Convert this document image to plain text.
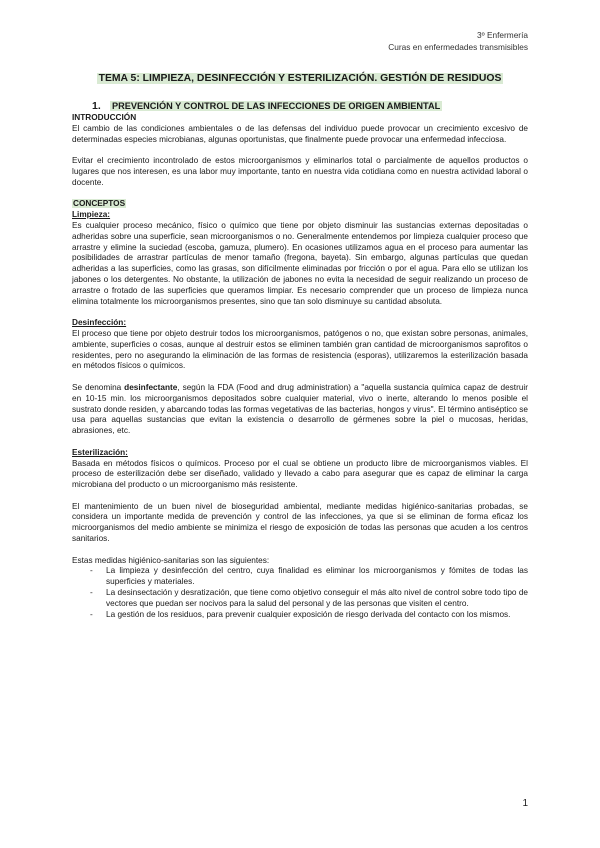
3º Enfermería
Curas en enfermedades transmisibles
TEMA 5: LIMPIEZA, DESINFECCIÓN Y ESTERILIZACIÓN. GESTIÓN DE RESIDUOS
1. PREVENCIÓN Y CONTROL DE LAS INFECCIONES DE ORIGEN AMBIENTAL

INTRODUCCIÓN

El cambio de las condiciones ambientales o de las defensas del individuo puede provocar un crecimiento excesivo de determinadas especies microbianas, algunas oportunistas, que finalmente puede provocar una enfermedad infecciosa.

Evitar el crecimiento incontrolado de estos microorganismos y eliminarlos total o parcialmente de aquellos productos o lugares que nos interesen, es una labor muy importante, tanto en nuestra vida cotidiana como en nuestra actividad laboral o docente.

CONCEPTOS

Limpieza:

Es cualquier proceso mecánico, físico o químico que tiene por objeto disminuir las sustancias externas depositadas o adheridas sobre una superficie, sean microorganismos o no. Generalmente entendemos por limpieza cualquier proceso que arrastre y elimine la suciedad (escoba, gamuza, plumero). En ocasiones utilizamos agua en el proceso para aumentar las posibilidades de arrastrar partículas de menor tamaño (fregona, bayeta). Sin embargo, algunas partículas que quedan adheridas a las superficies, como las grasas, son difícilmente eliminadas por fricción o por el agua. Para ello se utilizan los jabones o los detergentes. No obstante, la utilización de jabones no evita la necesidad de seguir realizando un proceso de arrastre o frotado de las superficies que queramos limpiar. Es necesario comprender que un proceso de limpieza nunca elimina totalmente los microorganismos presentes, sino que tan solo disminuye su cantidad absoluta.

Desinfección:

El proceso que tiene por objeto destruir todos los microorganismos, patógenos o no, que existan sobre personas, animales, ambiente, superficies o cosas, aunque al destruir estos se eliminen también gran cantidad de microorganismos saprofitos o residentes, pero no asegurando la eliminación de las formas de resistencia (esporas), utilizaremos la esterilización basada en métodos físicos o químicos.

Se denomina desinfectante, según la FDA (Food and drug administration) a "aquella sustancia química capaz de destruir en 10-15 min. los microorganismos depositados sobre cualquier material, vivo o inerte, alterando lo menos posible el sustrato donde residen, y abarcando todas las formas vegetativas de las bacterias, hongos y virus". El término antiséptico se usa para aquellas sustancias que evitan la existencia o desarrollo de gérmenes sobre la piel o mucosas, heridas, abrasiones, etc.

Esterilización:

Basada en métodos físicos o químicos. Proceso por el cual se obtiene un producto libre de microorganismos viables. El proceso de esterilización debe ser diseñado, validado y llevado a cabo para asegurar que es capaz de eliminar la carga microbiana del producto o un microorganismo más resistente.

El mantenimiento de un buen nivel de bioseguridad ambiental, mediante medidas higiénico-sanitarias probadas, se considera un importante medida de prevención y control de las infecciones, ya que si se eliminan de forma eficaz los microorganismos del medio ambiente se minimiza el riesgo de exposición de todas las personas que acuden a los centros sanitarios.

Estas medidas higiénico-sanitarias son las siguientes:

- La limpieza y desinfección del centro, cuya finalidad es eliminar los microorganismos y fómites de todas las superficies y materiales.
- La desinsectación y desratización, que tiene como objetivo conseguir el más alto nivel de control sobre todo tipo de vectores que puedan ser nocivos para la salud del personal y de las personas que visiten el centro.
- La gestión de los residuos, para prevenir cualquier exposición de riesgo derivada del contacto con los mismos.
1
